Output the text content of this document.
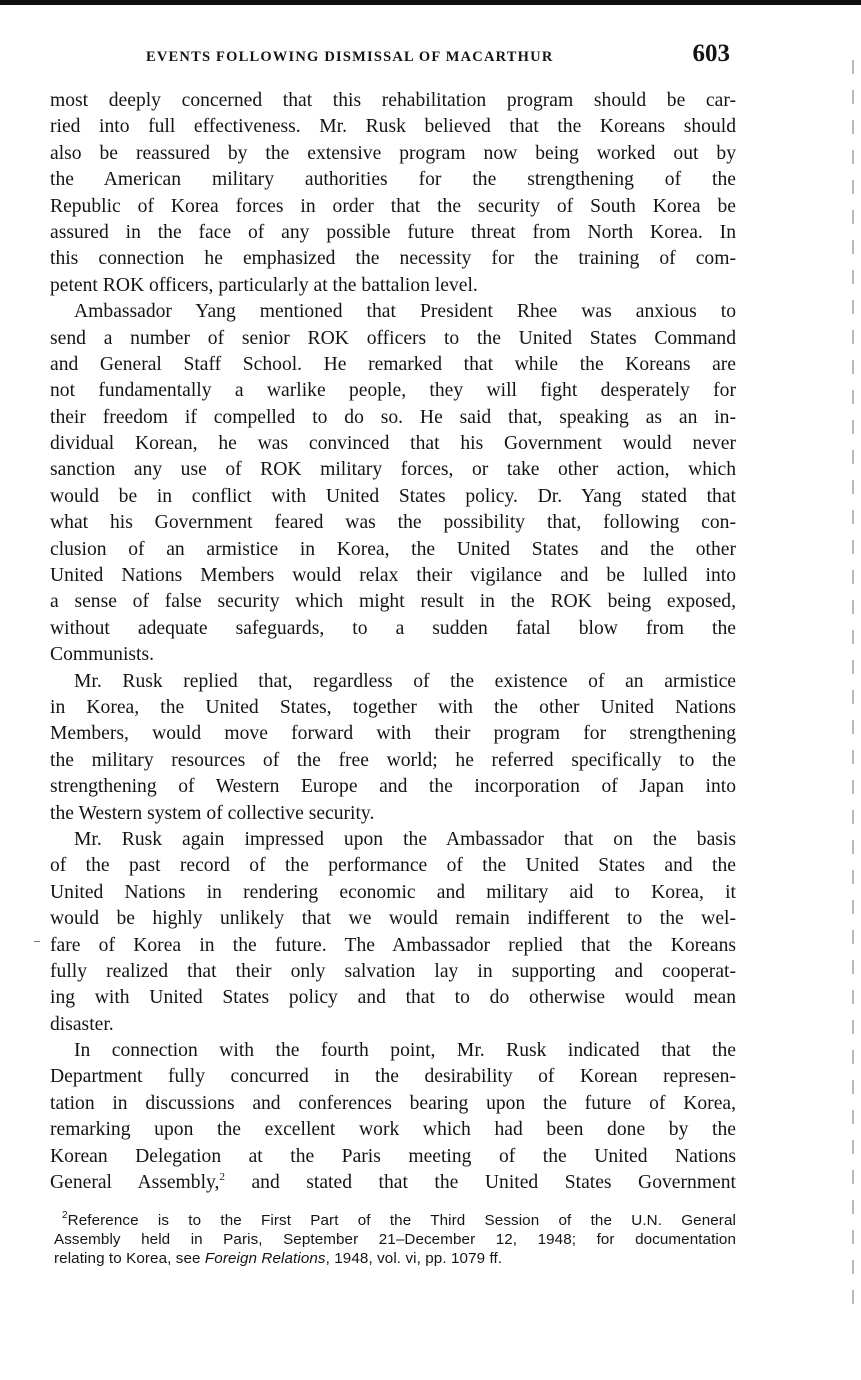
EVENTS FOLLOWING DISMISSAL OF MACARTHUR	603
most deeply concerned that this rehabilitation program should be car-
ried into full effectiveness. Mr. Rusk believed that the Koreans should
also be reassured by the extensive program now being worked out by
the American military authorities for the strengthening of the
Republic of Korea forces in order that the security of South Korea be
assured in the face of any possible future threat from North Korea. In
this connection he emphasized the necessity for the training of com-
petent ROK officers, particularly at the battalion level.
Ambassador Yang mentioned that President Rhee was anxious to
send a number of senior ROK officers to the United States Command
and General Staff School. He remarked that while the Koreans are
not fundamentally a warlike people, they will fight desperately for
their freedom if compelled to do so. He said that, speaking as an in-
dividual Korean, he was convinced that his Government would never
sanction any use of ROK military forces, or take other action, which
would be in conflict with United States policy. Dr. Yang stated that
what his Government feared was the possibility that, following con-
clusion of an armistice in Korea, the United States and the other
United Nations Members would relax their vigilance and be lulled into
a sense of false security which might result in the ROK being exposed,
without adequate safeguards, to a sudden fatal blow from the
Communists.
Mr. Rusk replied that, regardless of the existence of an armistice
in Korea, the United States, together with the other United Nations
Members, would move forward with their program for strengthening
the military resources of the free world; he referred specifically to the
strengthening of Western Europe and the incorporation of Japan into
the Western system of collective security.
Mr. Rusk again impressed upon the Ambassador that on the basis
of the past record of the performance of the United States and the
United Nations in rendering economic and military aid to Korea, it
would be highly unlikely that we would remain indifferent to the wel-
fare of Korea in the future. The Ambassador replied that the Koreans
fully realized that their only salvation lay in supporting and cooperat-
ing with United States policy and that to do otherwise would mean
disaster.
In connection with the fourth point, Mr. Rusk indicated that the
Department fully concurred in the desirability of Korean represen-
tation in discussions and conferences bearing upon the future of Korea,
remarking upon the excellent work which had been done by the
Korean Delegation at the Paris meeting of the United Nations
General Assembly,$^2$ and stated that the United States Government
$^2$Reference is to the First Part of the Third Session of the U.N. General
Assembly held in Paris, September 21–December 12, 1948; for documentation
relating to Korea, see Foreign Relations, 1948, vol. vi, pp. 1079 ff.
